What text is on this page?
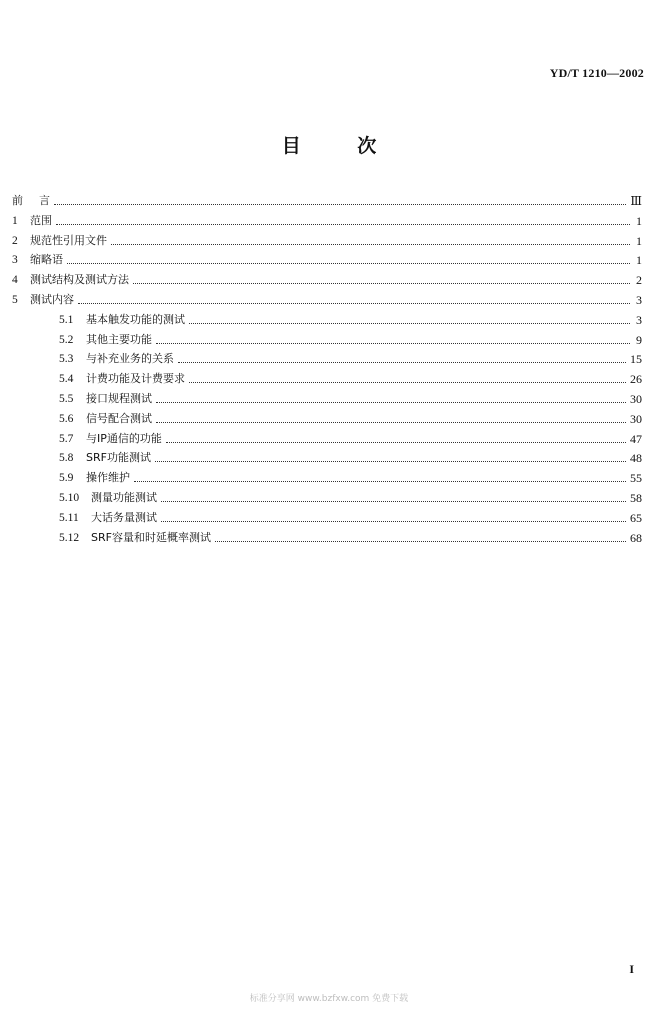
YD/T 1210—2002
目 次
前	言	Ⅲ
1	范围	1
2	规范性引用文件	1
3	缩略语	1
4	测试结构及测试方法	2
5	测试内容	3
5.1	基本触发功能的测试	3
5.2	其他主要功能	9
5.3	与补充业务的关系	15
5.4	计费功能及计费要求	26
5.5	接口规程测试	30
5.6	信号配合测试	30
5.7	与IP通信的功能	47
5.8	SRF功能测试	48
5.9	操作维护	55
5.10	测量功能测试	58
5.11	大话务量测试	65
5.12	SRF容量和时延概率测试	68
I
标准分享网 www.bzfxw.com 免费下载
